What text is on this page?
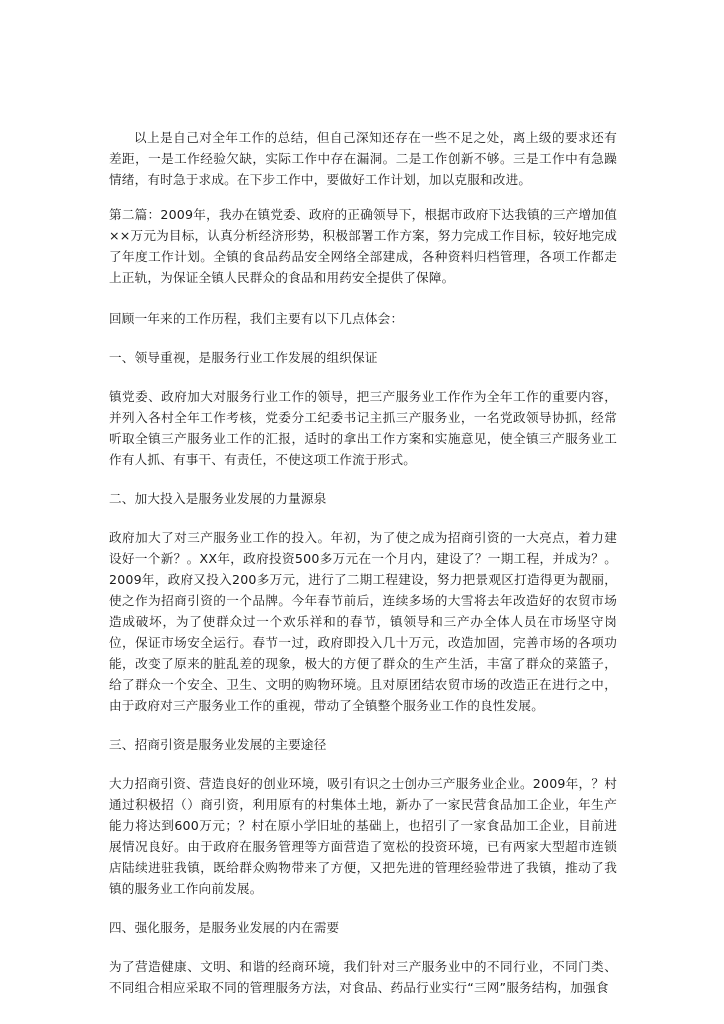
以上是自己对全年工作的总结，但自己深知还存在一些不足之处，离上级的要求还有差距，一是工作经验欠缺，实际工作中存在漏洞。二是工作创新不够。三是工作中有急躁情绪，有时急于求成。在下步工作中，要做好工作计划，加以克服和改进。

第二篇：2009年，我办在镇党委、政府的正确领导下，根据市政府下达我镇的三产增加值××万元为目标，认真分析经济形势，积极部署工作方案，努力完成工作目标，较好地完成了年度工作计划。全镇的食品药品安全网络全部建成，各种资料归档管理，各项工作都走上正轨，为保证全镇人民群众的食品和用药安全提供了保障。

回顾一年来的工作历程，我们主要有以下几点体会：

一、领导重视，是服务行业工作发展的组织保证

镇党委、政府加大对服务行业工作的领导，把三产服务业工作作为全年工作的重要内容，并列入各村全年工作考核，党委分工纪委书记主抓三产服务业，一名党政领导协抓，经常听取全镇三产服务业工作的汇报，适时的拿出工作方案和实施意见，使全镇三产服务业工作有人抓、有事干、有责任，不使这项工作流于形式。

二、加大投入是服务业发展的力量源泉

政府加大了对三产服务业工作的投入。年初，为了使之成为招商引资的一大亮点，着力建设好一个新？。XX年，政府投资500多万元在一个月内，建设了？一期工程，并成为？。2009年，政府又投入200多万元，进行了二期工程建设，努力把景观区打造得更为靓丽，使之作为招商引资的一个品牌。今年春节前后，连续多场的大雪将去年改造好的农贸市场造成破坏，为了使群众过一个欢乐祥和的春节，镇领导和三产办全体人员在市场坚守岗位，保证市场安全运行。春节一过，政府即投入几十万元，改造加固，完善市场的各项功能，改变了原来的脏乱差的现象，极大的方便了群众的生产生活，丰富了群众的菜篮子，给了群众一个安全、卫生、文明的购物环境。且对原团结农贸市场的改造正在进行之中，由于政府对三产服务业工作的重视，带动了全镇整个服务业工作的良性发展。

三、招商引资是服务业发展的主要途径

大力招商引资、营造良好的创业环境，吸引有识之士创办三产服务业企业。2009年，？村通过积极招（）商引资，利用原有的村集体土地，新办了一家民营食品加工企业，年生产能力将达到600万元；？村在原小学旧址的基础上，也招引了一家食品加工企业，目前进展情况良好。由于政府在服务管理等方面营造了宽松的投资环境，已有两家大型超市连锁店陆续进驻我镇，既给群众购物带来了方便，又把先进的管理经验带进了我镇，推动了我镇的服务业工作向前发展。

四、强化服务，是服务业发展的内在需要

为了营造健康、文明、和谐的经商环境，我们针对三产服务业中的不同行业，不同门类、不同组合相应采取不同的管理服务方法，对食品、药品行业实行“三网”服务结构，加强食
